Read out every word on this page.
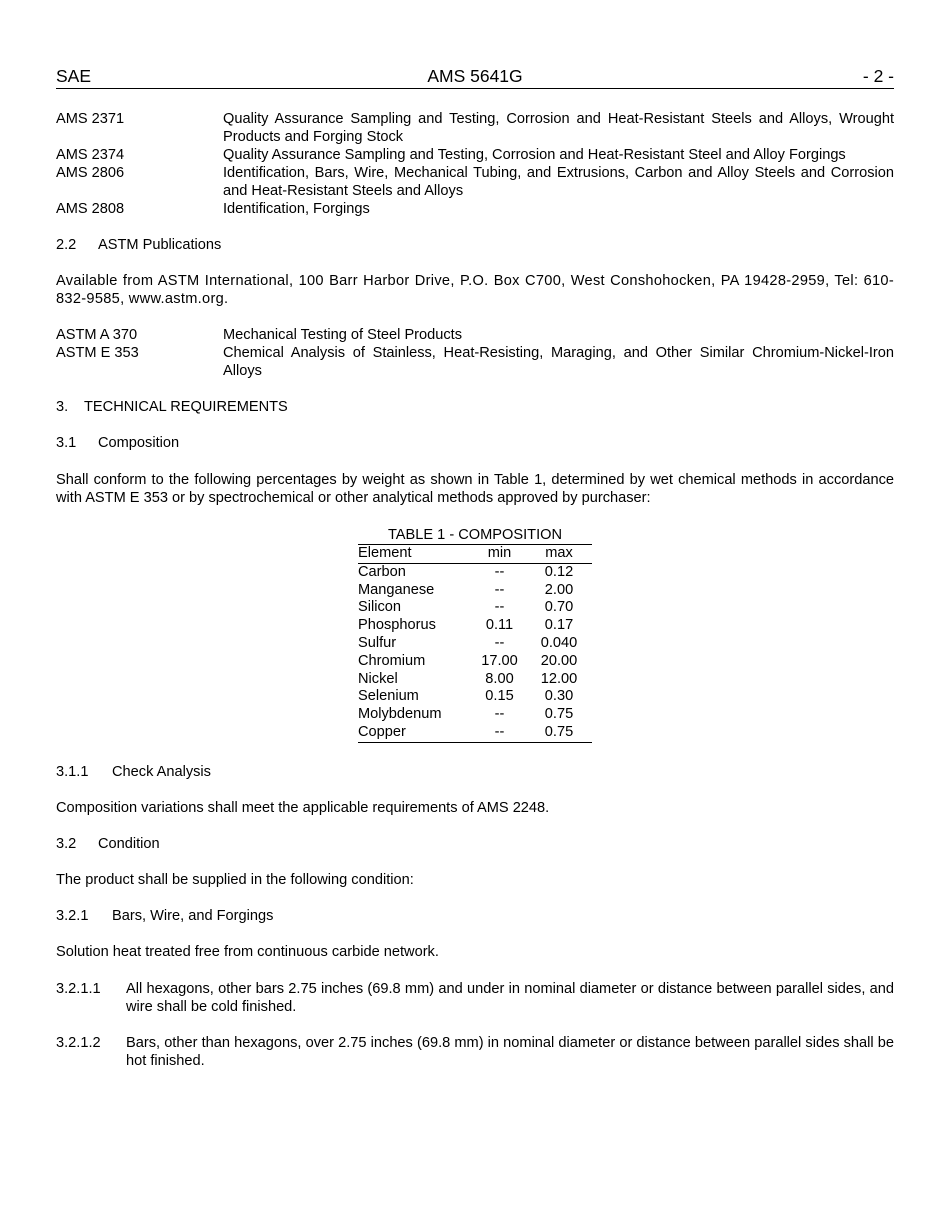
SAE	AMS 5641G	- 2 -
AMS 2371	Quality Assurance Sampling and Testing, Corrosion and Heat-Resistant Steels and Alloys, Wrought Products and Forging Stock
AMS 2374	Quality Assurance Sampling and Testing, Corrosion and Heat-Resistant Steel and Alloy Forgings
AMS 2806	Identification, Bars, Wire, Mechanical Tubing, and Extrusions, Carbon and Alloy Steels and Corrosion and Heat-Resistant Steels and Alloys
AMS 2808	Identification, Forgings
2.2 ASTM Publications
Available from ASTM International, 100 Barr Harbor Drive, P.O. Box C700, West Conshohocken, PA 19428-2959, Tel: 610-832-9585, www.astm.org.
ASTM A 370	Mechanical Testing of Steel Products
ASTM E 353	Chemical Analysis of Stainless, Heat-Resisting, Maraging, and Other Similar Chromium-Nickel-Iron Alloys
3. TECHNICAL REQUIREMENTS
3.1 Composition
Shall conform to the following percentages by weight as shown in Table 1, determined by wet chemical methods in accordance with ASTM E 353 or by spectrochemical or other analytical methods approved by purchaser:
TABLE 1 - COMPOSITION
Element	min	max
Carbon	--	0.12
Manganese	--	2.00
Silicon	--	0.70
Phosphorus	0.11	0.17
Sulfur	--	0.040
Chromium	17.00	20.00
Nickel	8.00	12.00
Selenium	0.15	0.30
Molybdenum	--	0.75
Copper	--	0.75
3.1.1 Check Analysis
Composition variations shall meet the applicable requirements of AMS 2248.
3.2 Condition
The product shall be supplied in the following condition:
3.2.1 Bars, Wire, and Forgings
Solution heat treated free from continuous carbide network.
3.2.1.1	All hexagons, other bars 2.75 inches (69.8 mm) and under in nominal diameter or distance between parallel sides, and wire shall be cold finished.
3.2.1.2	Bars, other than hexagons, over 2.75 inches (69.8 mm) in nominal diameter or distance between parallel sides shall be hot finished.
